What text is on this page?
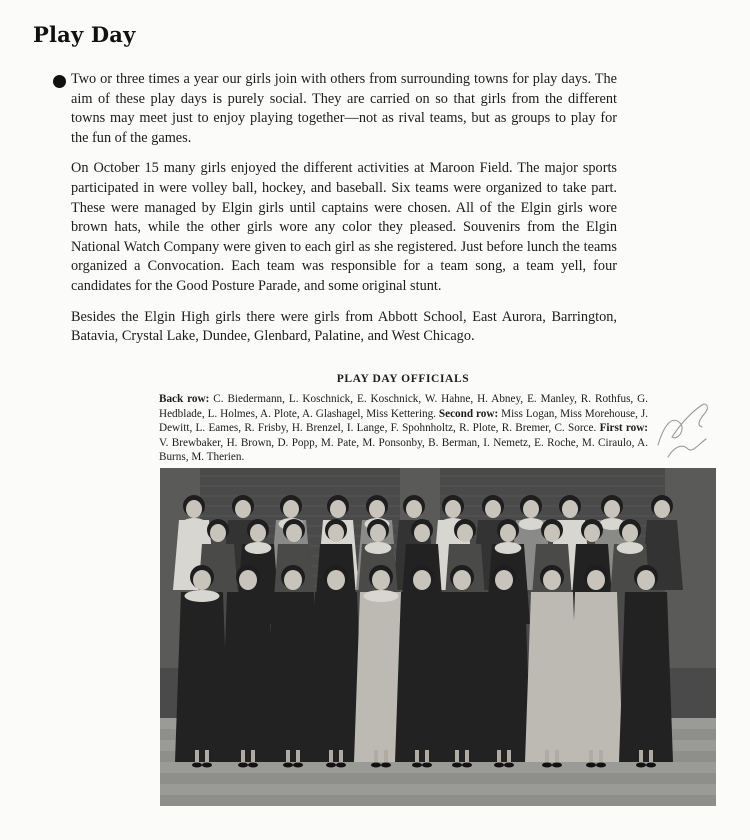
Play Day

Two or three times a year our girls join with others from surrounding towns for play days. The aim of these play days is purely social. They are carried on so that girls from the different towns may meet just to enjoy playing together—not as rival teams, but as groups to play for the fun of the games.

On October 15 many girls enjoyed the different activities at Maroon Field. The major sports participated in were volley ball, hockey, and baseball. Six teams were organized to take part. These were managed by Elgin girls until captains were chosen. All of the Elgin girls wore brown hats, while the other girls wore any color they pleased. Souvenirs from the Elgin National Watch Company were given to each girl as she registered. Just before lunch the teams organized a Convocation. Each team was responsible for a team song, a team yell, four candidates for the Good Posture Parade, and some original stunt.

Besides the Elgin High girls there were girls from Abbott School, East Aurora, Barrington, Batavia, Crystal Lake, Dundee, Glenbard, Palatine, and West Chicago.

PLAY DAY OFFICIALS
Back row: C. Biedermann, L. Koschnick, E. Koschnick, W. Hahne, H. Abney, E. Manley, R. Rothfus, G. Hedblade, L. Holmes, A. Plote, A. Glashagel, Miss Kettering. Second row: Miss Logan, Miss Morehouse, J. Dewitt, L. Eames, R. Frisby, H. Brenzel, I. Lange, F. Spohnholtz, R. Plote, R. Bremer, C. Sorce. First row: V. Brewbaker, H. Brown, D. Popp, M. Pate, M. Ponsonby, B. Berman, I. Nemetz, E. Roche, M. Ciraulo, A. Burns, M. Therien.
